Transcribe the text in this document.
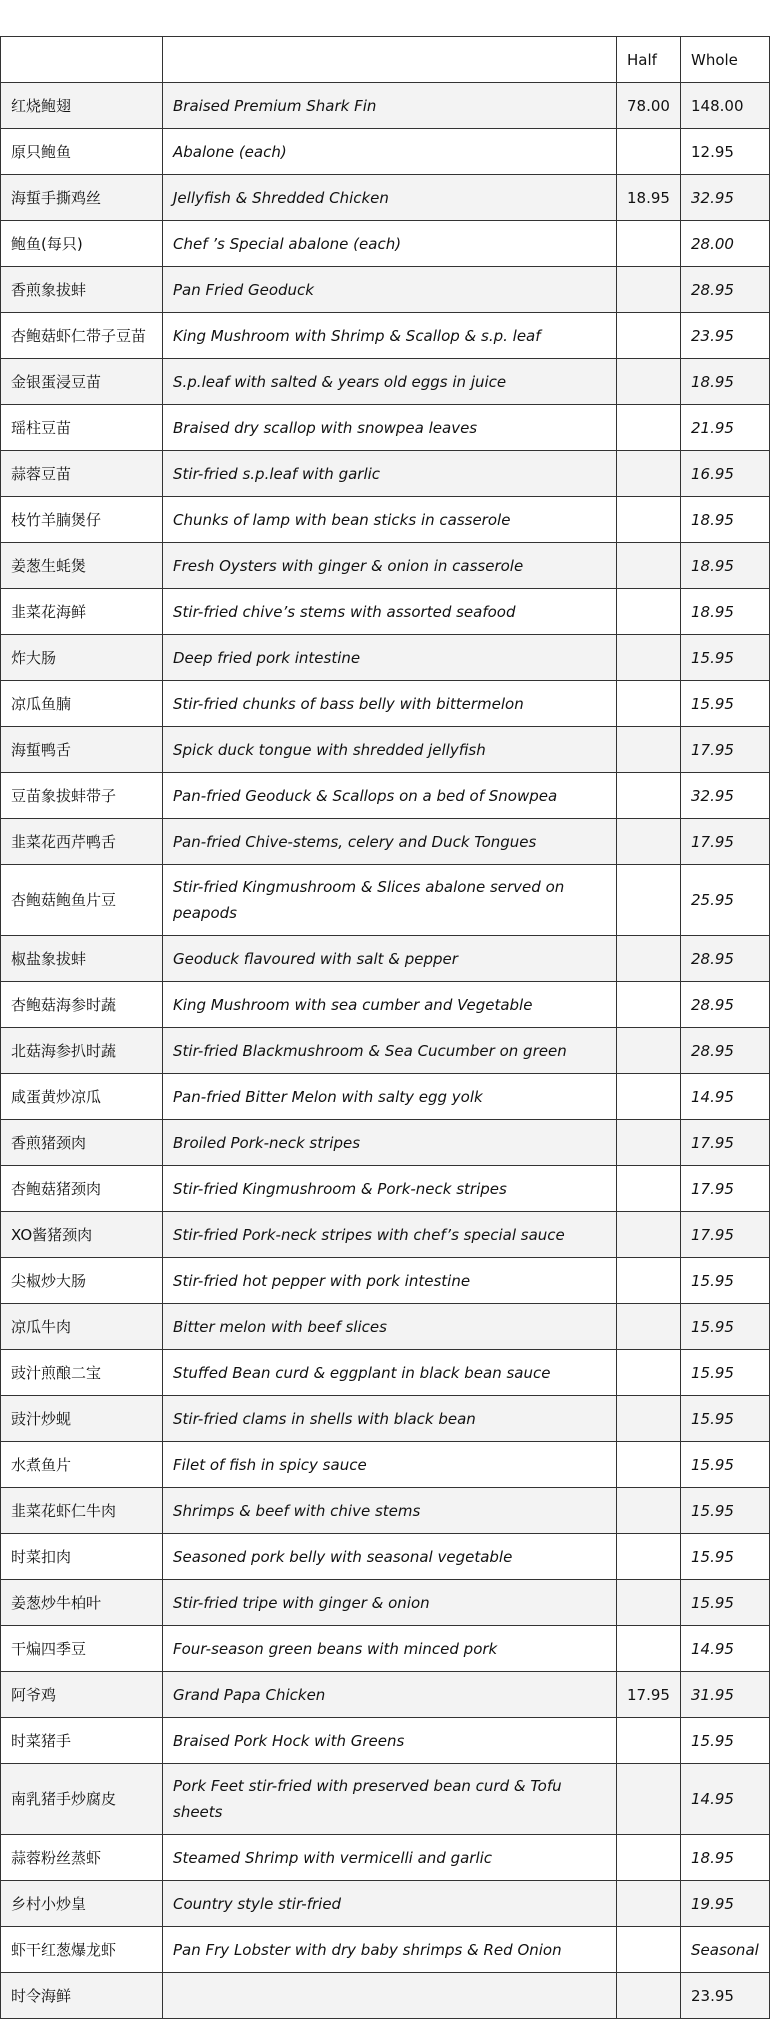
		Half	Whole
红烧鲍翅	Braised Premium Shark Fin	78.00	148.00
原只鲍鱼	Abalone (each)		12.95
海蜇手撕鸡丝	Jellyfish & Shredded Chicken	18.95	32.95
鲍鱼(每只)	Chef ’s Special abalone (each)		28.00
香煎象拔蚌	Pan Fried Geoduck		28.95
杏鲍菇虾仁带子豆苗	King Mushroom with Shrimp & Scallop & s.p. leaf		23.95
金银蛋浸豆苗	S.p.leaf with salted & years old eggs in juice		18.95
瑶柱豆苗	Braised dry scallop with snowpea leaves		21.95
蒜蓉豆苗	Stir-fried s.p.leaf with garlic		16.95
枝竹羊腩煲仔	Chunks of lamp with bean sticks in casserole		18.95
姜葱生蚝煲	Fresh Oysters with ginger & onion in casserole		18.95
韭菜花海鲜	Stir-fried chive’s stems with assorted seafood		18.95
炸大肠	Deep fried pork intestine		15.95
凉瓜鱼腩	Stir-fried chunks of bass belly with bittermelon		15.95
海蜇鸭舌	Spick duck tongue with shredded jellyfish		17.95
豆苗象拔蚌带子	Pan-fried Geoduck & Scallops on a bed of Snowpea		32.95
韭菜花西芹鸭舌	Pan-fried Chive-stems, celery and Duck Tongues		17.95
杏鲍菇鲍鱼片豆	Stir-fried Kingmushroom & Slices abalone served on peapods		25.95
椒盐象拔蚌	Geoduck flavoured with salt & pepper		28.95
杏鲍菇海参时蔬	King Mushroom with sea cumber and Vegetable		28.95
北菇海参扒时蔬	Stir-fried Blackmushroom & Sea Cucumber on green		28.95
咸蛋黄炒凉瓜	Pan-fried Bitter Melon with salty egg yolk		14.95
香煎猪颈肉	Broiled Pork-neck stripes		17.95
杏鲍菇猪颈肉	Stir-fried Kingmushroom & Pork-neck stripes		17.95
XO酱猪颈肉	Stir-fried Pork-neck stripes with chef’s special sauce		17.95
尖椒炒大肠	Stir-fried hot pepper with pork intestine		15.95
凉瓜牛肉	Bitter melon with beef slices		15.95
豉汁煎酿二宝	Stuffed Bean curd & eggplant in black bean sauce		15.95
豉汁炒蚬	Stir-fried clams in shells with black bean		15.95
水煮鱼片	Filet of fish in spicy sauce		15.95
韭菜花虾仁牛肉	Shrimps & beef with chive stems		15.95
时菜扣肉	Seasoned pork belly with seasonal vegetable		15.95
姜葱炒牛柏叶	Stir-fried tripe with ginger & onion		15.95
干煸四季豆	Four-season green beans with minced pork		14.95
阿爷鸡	Grand Papa Chicken	17.95	31.95
时菜猪手	Braised Pork Hock with Greens		15.95
南乳猪手炒腐皮	Pork Feet stir-fried with preserved bean curd & Tofu sheets		14.95
蒜蓉粉丝蒸虾	Steamed Shrimp with vermicelli and garlic		18.95
乡村小炒皇	Country style stir-fried		19.95
虾干红葱爆龙虾	Pan Fry Lobster with dry baby shrimps & Red Onion		Seasonal
时令海鲜			23.95
